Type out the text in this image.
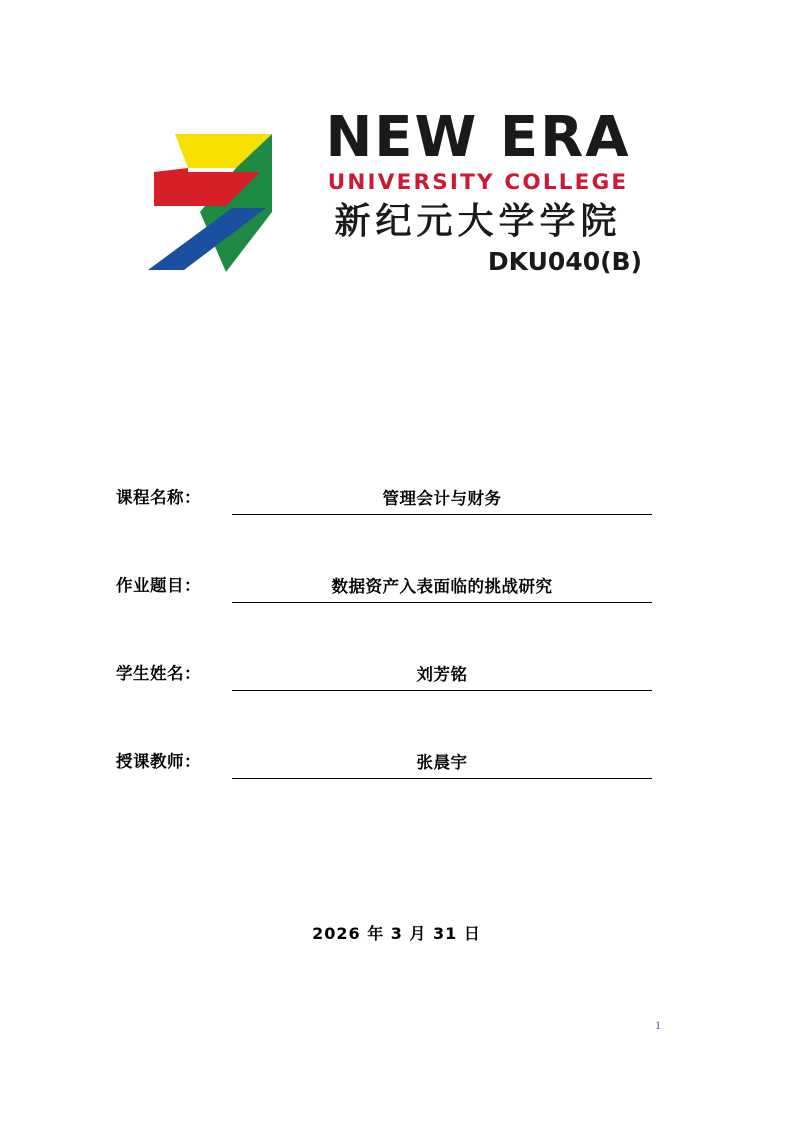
NEW ERA
UNIVERSITY COLLEGE
新纪元大学学院
DKU040(B)
课程名称：	管理会计与财务
作业题目：	数据资产入表面临的挑战研究
学生姓名：	刘芳铭
授课教师：	张晨宇
2026 年 3 月 31 日
1
